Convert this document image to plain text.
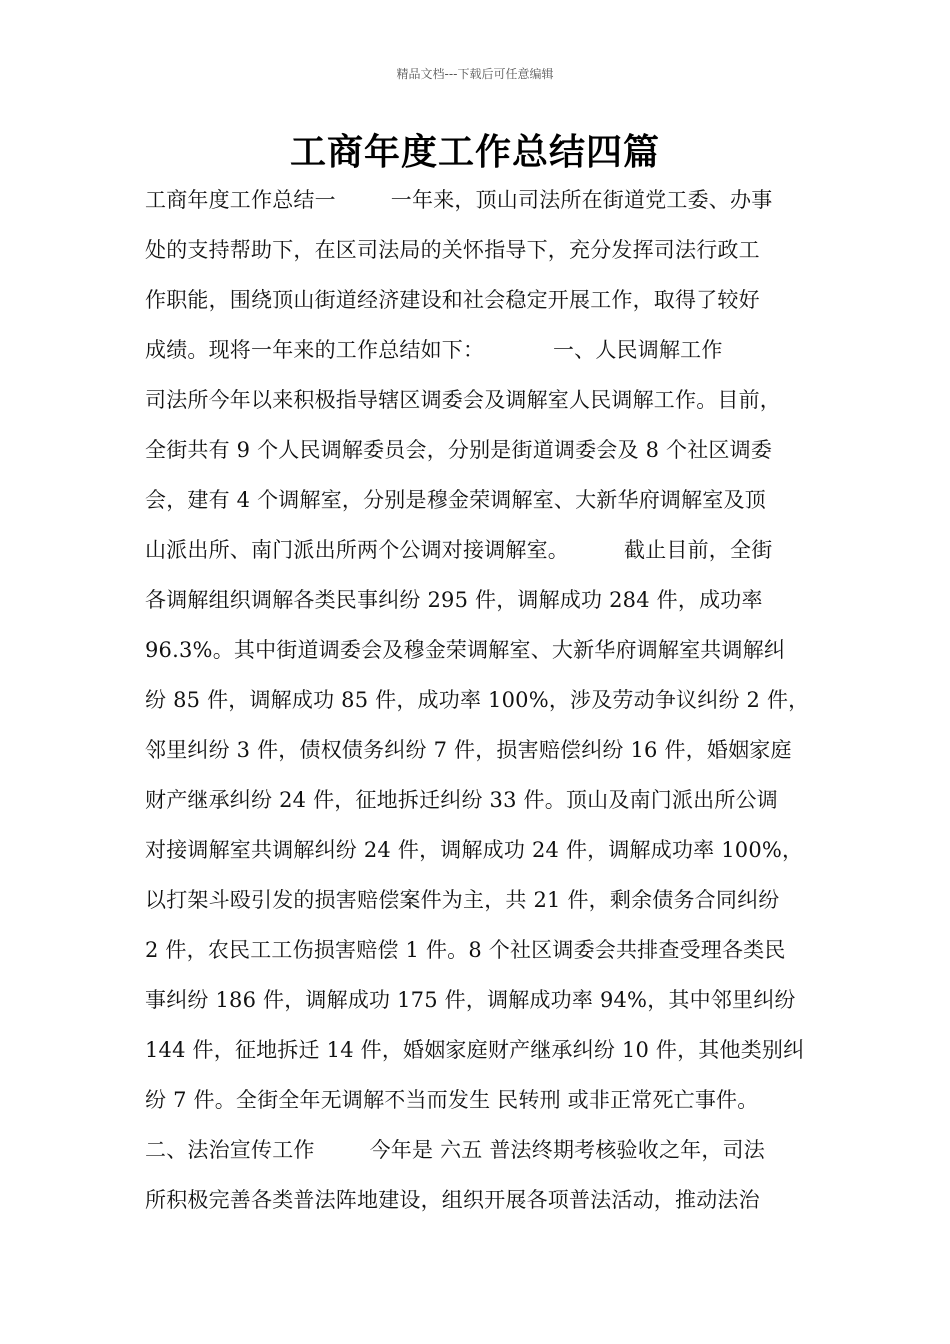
精品文档---下载后可任意编辑
工商年度工作总结四篇
工商年度工作总结一        一年来，顶山司法所在街道党工委、办事
处的支持帮助下，在区司法局的关怀指导下，充分发挥司法行政工
作职能，围绕顶山街道经济建设和社会稳定开展工作，取得了较好
成绩。现将一年来的工作总结如下：          一、人民调解工作
司法所今年以来积极指导辖区调委会及调解室人民调解工作。目前，
全街共有 9 个人民调解委员会，分别是街道调委会及 8 个社区调委
会，建有 4 个调解室，分别是穆金荣调解室、大新华府调解室及顶
山派出所、南门派出所两个公调对接调解室。        截止目前，全街
各调解组织调解各类民事纠纷 295 件，调解成功 284 件，成功率
96.3%。其中街道调委会及穆金荣调解室、大新华府调解室共调解纠
纷 85 件，调解成功 85 件，成功率 100%，涉及劳动争议纠纷 2 件，
邻里纠纷 3 件，债权债务纠纷 7 件，损害赔偿纠纷 16 件，婚姻家庭
财产继承纠纷 24 件，征地拆迁纠纷 33 件。顶山及南门派出所公调
对接调解室共调解纠纷 24 件，调解成功 24 件，调解成功率 100%，
以打架斗殴引发的损害赔偿案件为主，共 21 件，剩余债务合同纠纷
2 件，农民工工伤损害赔偿 1 件。8 个社区调委会共排查受理各类民
事纠纷 186 件，调解成功 175 件，调解成功率 94%，其中邻里纠纷
144 件，征地拆迁 14 件，婚姻家庭财产继承纠纷 10 件，其他类别纠
纷 7 件。全街全年无调解不当而发生 民转刑 或非正常死亡事件。
二、法治宣传工作        今年是 六五 普法终期考核验收之年，司法
所积极完善各类普法阵地建设，组织开展各项普法活动，推动法治
